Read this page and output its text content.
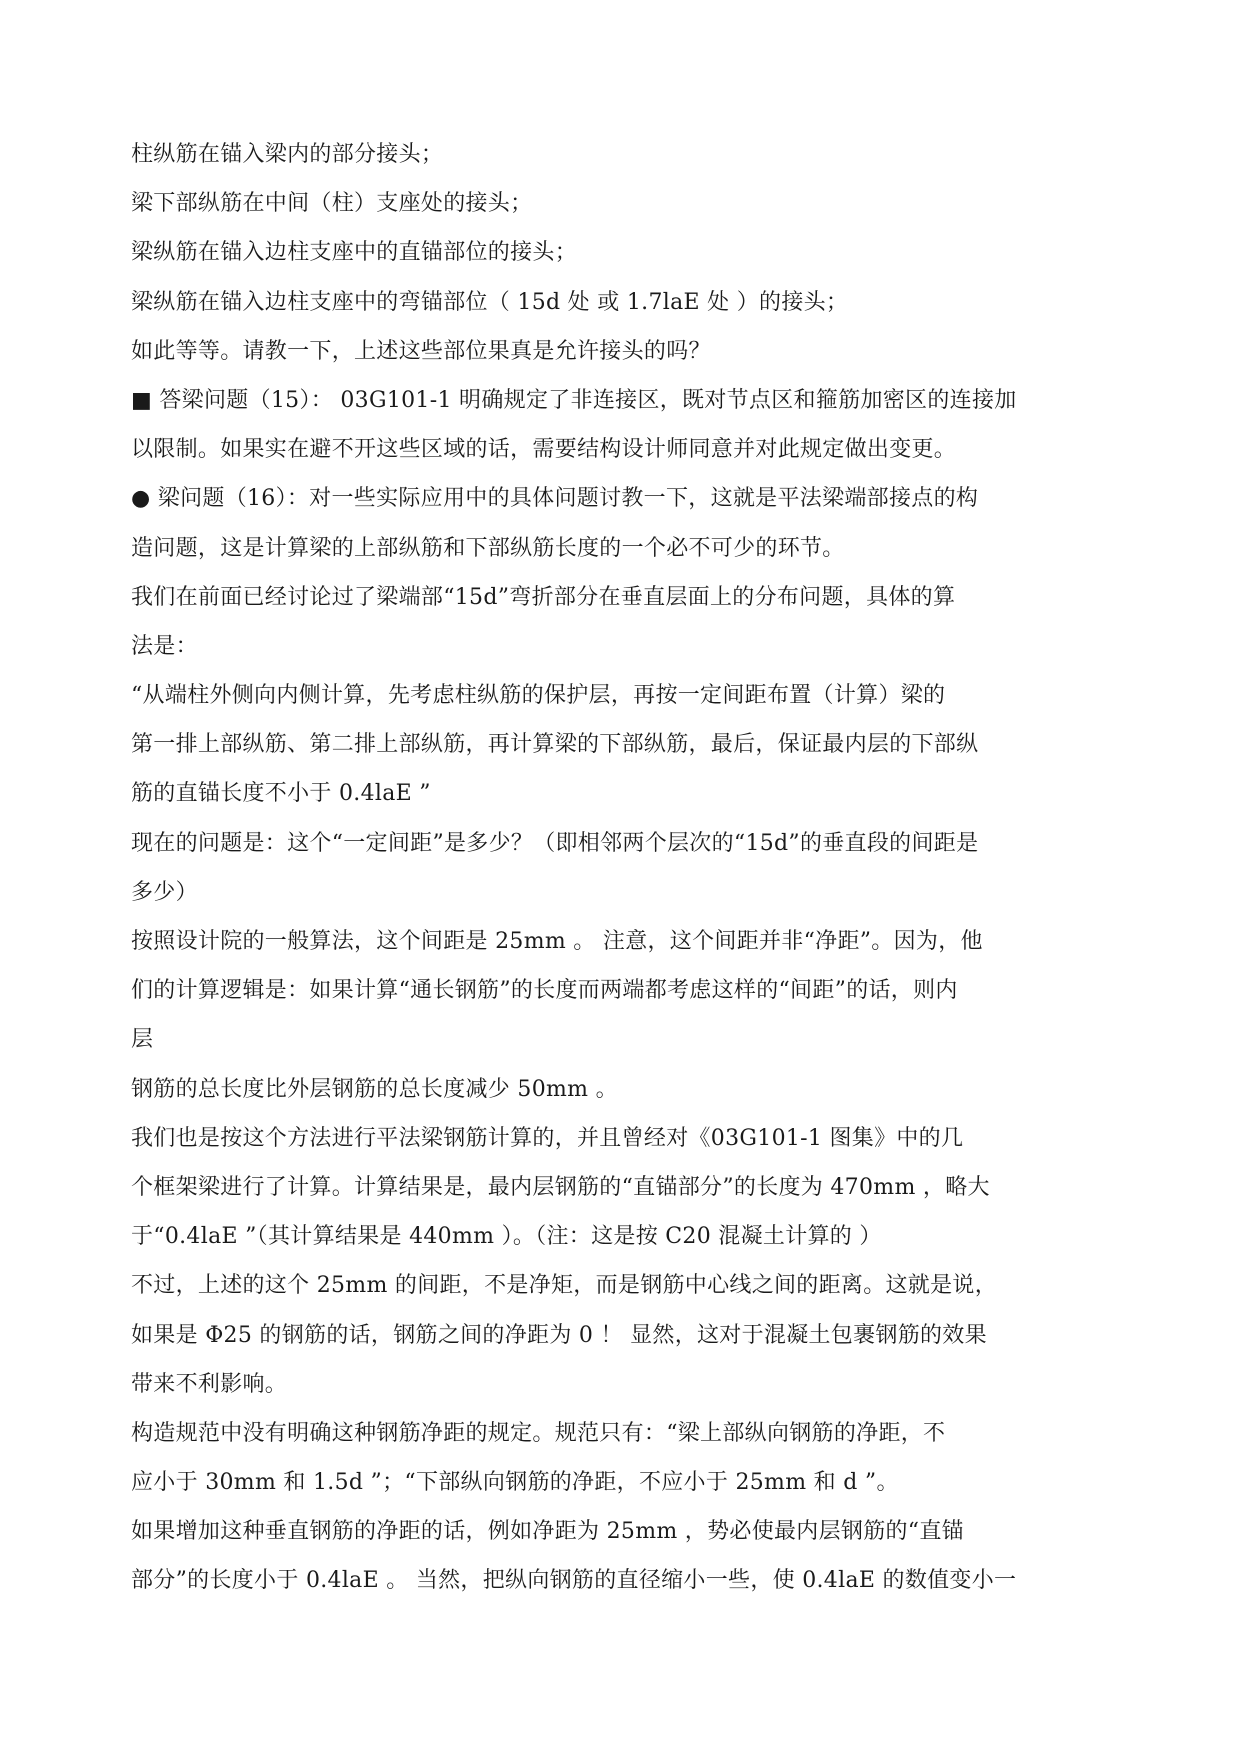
柱纵筋在锚入梁内的部分接头；
梁下部纵筋在中间（柱）支座处的接头；
梁纵筋在锚入边柱支座中的直锚部位的接头；
梁纵筋在锚入边柱支座中的弯锚部位（ 15d 处 或 1.7laE 处 ）的接头；
如此等等。请教一下，上述这些部位果真是允许接头的吗？
■ 答梁问题（15）： 03G101-1 明确规定了非连接区，既对节点区和箍筋加密区的连接加
以限制。如果实在避不开这些区域的话，需要结构设计师同意并对此规定做出变更。
● 梁问题（16）：对一些实际应用中的具体问题讨教一下，这就是平法梁端部接点的构
造问题，这是计算梁的上部纵筋和下部纵筋长度的一个必不可少的环节。
我们在前面已经讨论过了梁端部“15d”弯折部分在垂直层面上的分布问题，具体的算
法是：
“从端柱外侧向内侧计算，先考虑柱纵筋的保护层，再按一定间距布置（计算）梁的
第一排上部纵筋、第二排上部纵筋，再计算梁的下部纵筋，最后，保证最内层的下部纵
筋的直锚长度不小于 0.4laE ”
现在的问题是：这个“一定间距”是多少？（即相邻两个层次的“15d”的垂直段的间距是
多少）
按照设计院的一般算法，这个间距是 25mm 。 注意，这个间距并非“净距”。因为，他
们的计算逻辑是：如果计算“通长钢筋”的长度而两端都考虑这样的“间距”的话，则内
层
钢筋的总长度比外层钢筋的总长度减少 50mm 。
我们也是按这个方法进行平法梁钢筋计算的，并且曾经对《03G101-1 图集》中的几
个框架梁进行了计算。计算结果是，最内层钢筋的“直锚部分”的长度为 470mm ，略大
于“0.4laE ”（其计算结果是 440mm ）。（注：这是按 C20 混凝土计算的 ）
不过，上述的这个 25mm 的间距，不是净矩，而是钢筋中心线之间的距离。这就是说，
如果是 Φ25 的钢筋的话，钢筋之间的净距为 0 ！ 显然，这对于混凝土包裹钢筋的效果
带来不利影响。
构造规范中没有明确这种钢筋净距的规定。规范只有：“梁上部纵向钢筋的净距，不
应小于 30mm 和 1.5d ”；“下部纵向钢筋的净距，不应小于 25mm 和 d ”。
如果增加这种垂直钢筋的净距的话，例如净距为 25mm ，势必使最内层钢筋的“直锚
部分”的长度小于 0.4laE 。 当然，把纵向钢筋的直径缩小一些，使 0.4laE 的数值变小一
